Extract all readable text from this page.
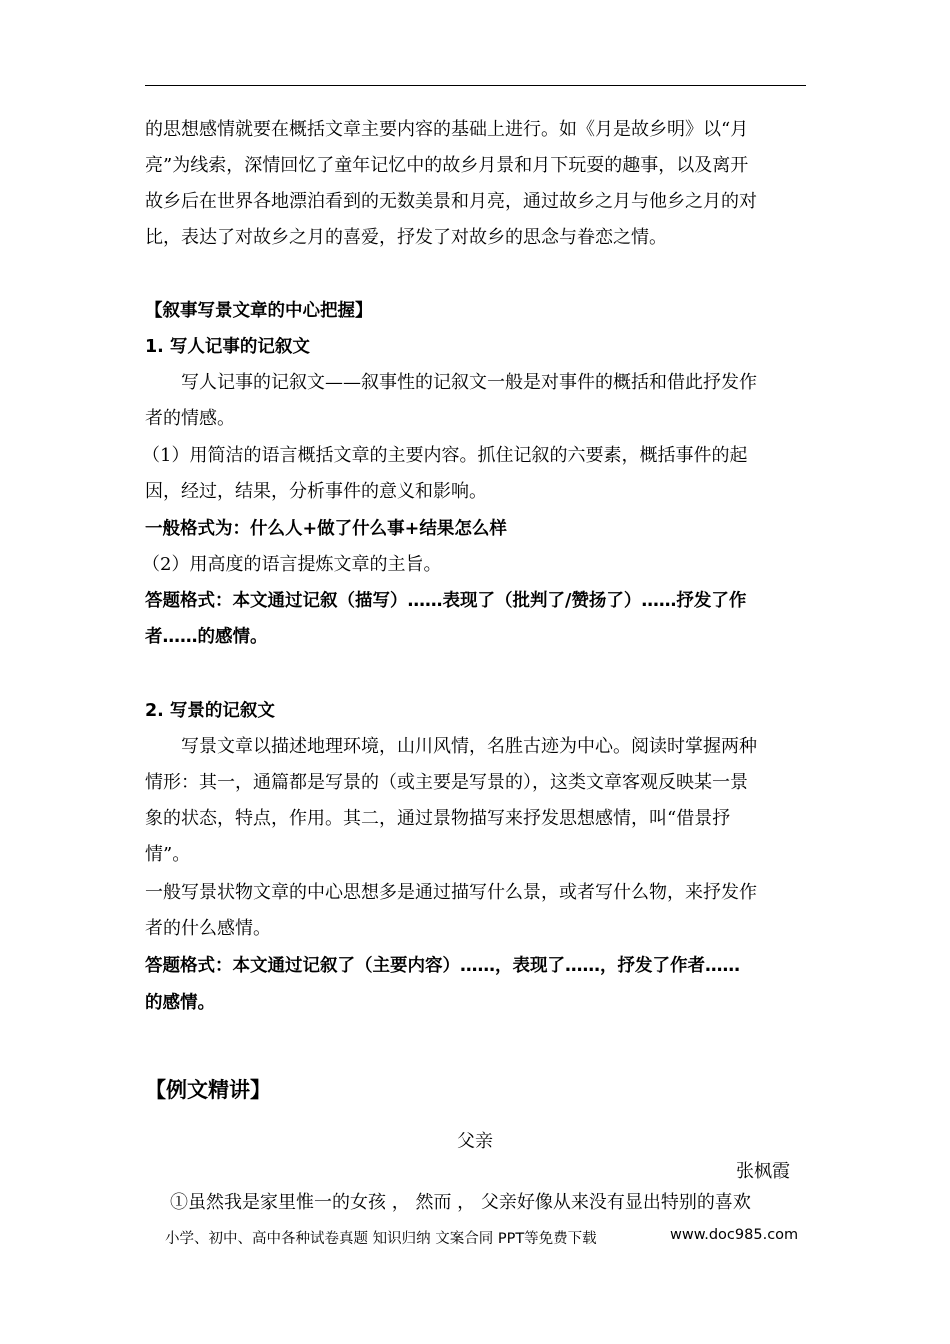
的思想感情就要在概括文章主要内容的基础上进行。如《月是故乡明》以“月
亮”为线索，深情回忆了童年记忆中的故乡月景和月下玩耍的趣事，以及离开
故乡后在世界各地漂泊看到的无数美景和月亮，通过故乡之月与他乡之月的对
比，表达了对故乡之月的喜爱，抒发了对故乡的思念与眷恋之情。
【叙事写景文章的中心把握】
1. 写人记事的记叙文
写人记事的记叙文——叙事性的记叙文一般是对事件的概括和借此抒发作
者的情感。
（1）用简洁的语言概括文章的主要内容。抓住记叙的六要素，概括事件的起
因，经过，结果，分析事件的意义和影响。
一般格式为：什么人+做了什么事+结果怎么样
（2）用高度的语言提炼文章的主旨。
答题格式：本文通过记叙（描写）……表现了（批判了/赞扬了）……抒发了作
者……的感情。
2. 写景的记叙文
写景文章以描述地理环境，山川风情，名胜古迹为中心。阅读时掌握两种
情形：其一，通篇都是写景的（或主要是写景的），这类文章客观反映某一景
象的状态，特点，作用。其二，通过景物描写来抒发思想感情，叫“借景抒
情”。
一般写景状物文章的中心思想多是通过描写什么景，或者写什么物，来抒发作
者的什么感情。
答题格式：本文通过记叙了（主要内容）……，表现了……，抒发了作者……
的感情。
【例文精讲】
父亲
张枫霞
①虽然我是家里惟一的女孩 ， 然而 ， 父亲好像从来没有显出特别的喜欢
小学、初中、高中各种试卷真题 知识归纳 文案合同 PPT等免费下载	www.doc985.com
